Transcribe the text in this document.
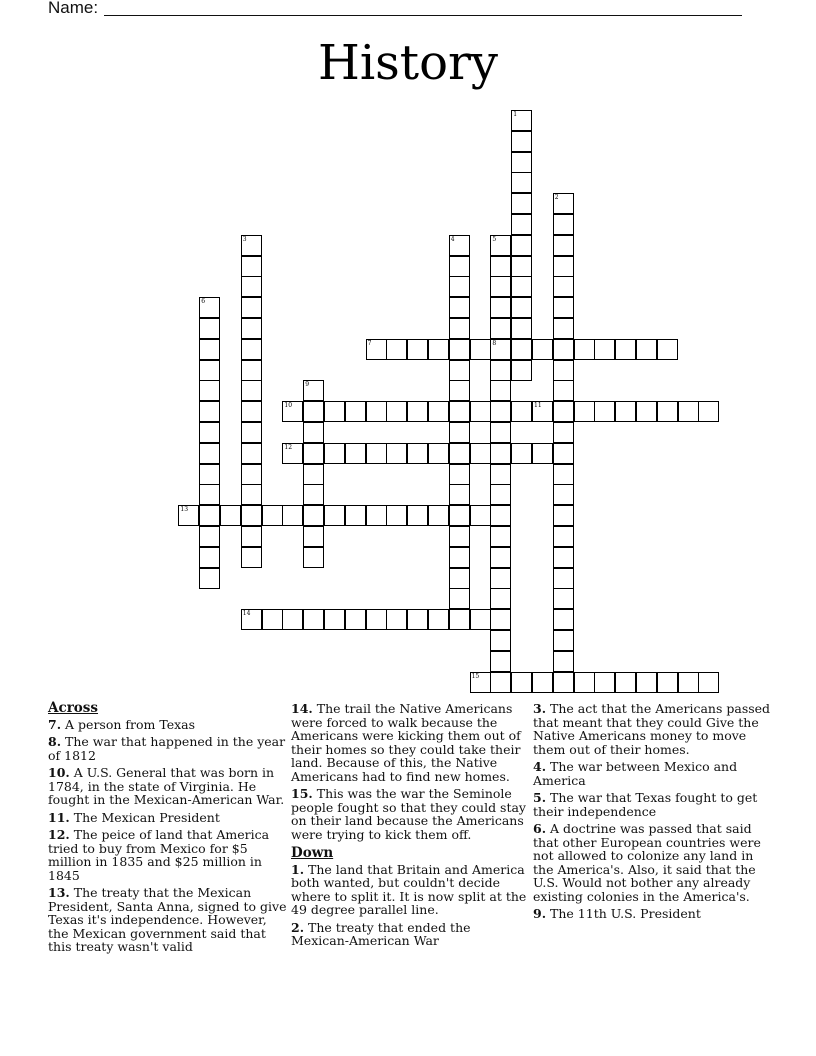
Name:
History
1
2
3	4	5
8
6
7
9
10	11
12
13
14
15
Across
7. A person from Texas
8. The war that happened in the year of 1812
10. A U.S. General that was born in 1784, in the state of Virginia. He fought in the Mexican-American War.
11. The Mexican President
12. The peice of land that America tried to buy from Mexico for $5 million in 1835 and $25 million in 1845
13. The treaty that the Mexican President, Santa Anna, signed to give Texas it's independence. However, the Mexican government said that this treaty wasn't valid
14. The trail the Native Americans were forced to walk because the Americans were kicking them out of their homes so they could take their land. Because of this, the Native Americans had to find new homes.
15. This was the war the Seminole people fought so that they could stay on their land because the Americans were trying to kick them off.
Down
1. The land that Britain and America both wanted, but couldn't decide where to split it. It is now split at the 49 degree parallel line.
2. The treaty that ended the Mexican-American War
3. The act that the Americans passed that meant that they could Give the Native Americans money to move them out of their homes.
4. The war between Mexico and America
5. The war that Texas fought to get their independence
6. A doctrine was passed that said that other European countries were not allowed to colonize any land in the America's. Also, it said that the U.S. Would not bother any already existing colonies in the America's.
9. The 11th U.S. President
